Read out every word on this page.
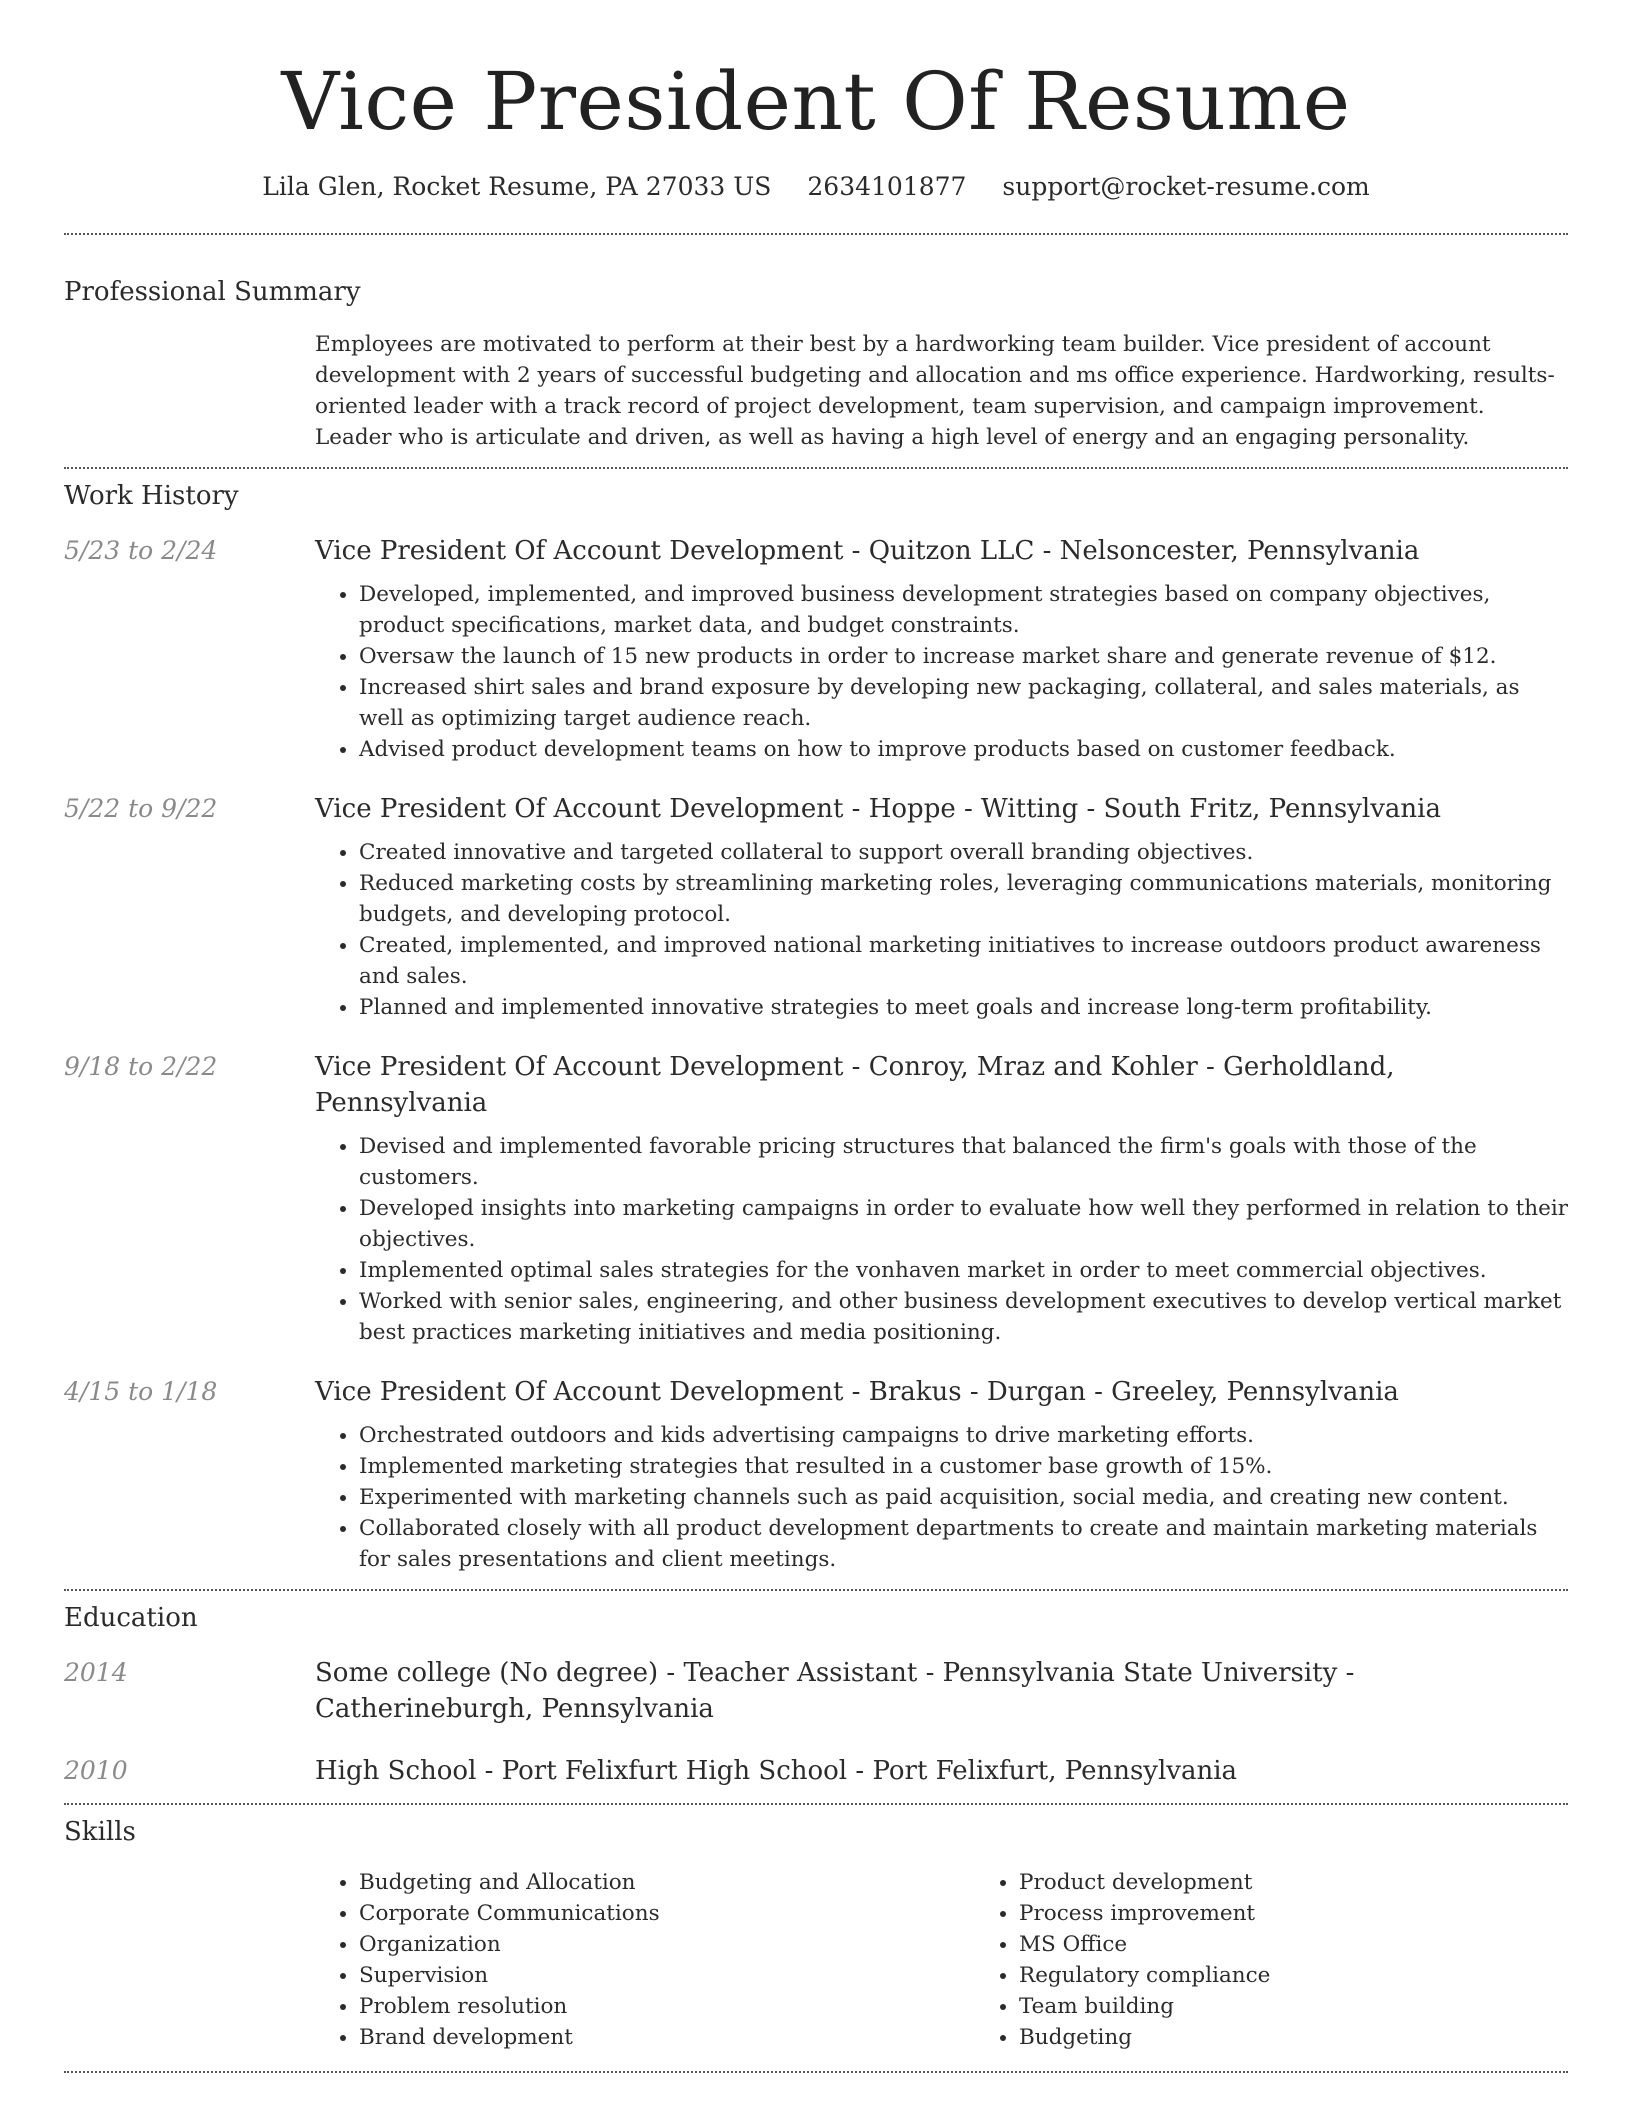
Vice President Of Resume
Lila Glen, Rocket Resume, PA 27033 US 2634101877 support@rocket-resume.com
Professional Summary
Employees are motivated to perform at their best by a hardworking team builder. Vice president of account development with 2 years of successful budgeting and allocation and ms office experience. Hardworking, results-oriented leader with a track record of project development, team supervision, and campaign improvement. Leader who is articulate and driven, as well as having a high level of energy and an engaging personality.
Work History
5/23 to 2/24	Vice President Of Account Development - Quitzon LLC - Nelsoncester, Pennsylvania
• Developed, implemented, and improved business development strategies based on company objectives, product specifications, market data, and budget constraints.
• Oversaw the launch of 15 new products in order to increase market share and generate revenue of $12.
• Increased shirt sales and brand exposure by developing new packaging, collateral, and sales materials, as well as optimizing target audience reach.
• Advised product development teams on how to improve products based on customer feedback.
5/22 to 9/22	Vice President Of Account Development - Hoppe - Witting - South Fritz, Pennsylvania
• Created innovative and targeted collateral to support overall branding objectives.
• Reduced marketing costs by streamlining marketing roles, leveraging communications materials, monitoring budgets, and developing protocol.
• Created, implemented, and improved national marketing initiatives to increase outdoors product awareness and sales.
• Planned and implemented innovative strategies to meet goals and increase long-term profitability.
9/18 to 2/22	Vice President Of Account Development - Conroy, Mraz and Kohler - Gerholdland, Pennsylvania
• Devised and implemented favorable pricing structures that balanced the firm's goals with those of the customers.
• Developed insights into marketing campaigns in order to evaluate how well they performed in relation to their objectives.
• Implemented optimal sales strategies for the vonhaven market in order to meet commercial objectives.
• Worked with senior sales, engineering, and other business development executives to develop vertical market best practices marketing initiatives and media positioning.
4/15 to 1/18	Vice President Of Account Development - Brakus - Durgan - Greeley, Pennsylvania
• Orchestrated outdoors and kids advertising campaigns to drive marketing efforts.
• Implemented marketing strategies that resulted in a customer base growth of 15%.
• Experimented with marketing channels such as paid acquisition, social media, and creating new content.
• Collaborated closely with all product development departments to create and maintain marketing materials for sales presentations and client meetings.
Education
2014	Some college (No degree) - Teacher Assistant - Pennsylvania State University - Catherineburgh, Pennsylvania
2010	High School - Port Felixfurt High School - Port Felixfurt, Pennsylvania
Skills
• Budgeting and Allocation
• Corporate Communications
• Organization
• Supervision
• Problem resolution
• Brand development
• Product development
• Process improvement
• MS Office
• Regulatory compliance
• Team building
• Budgeting
